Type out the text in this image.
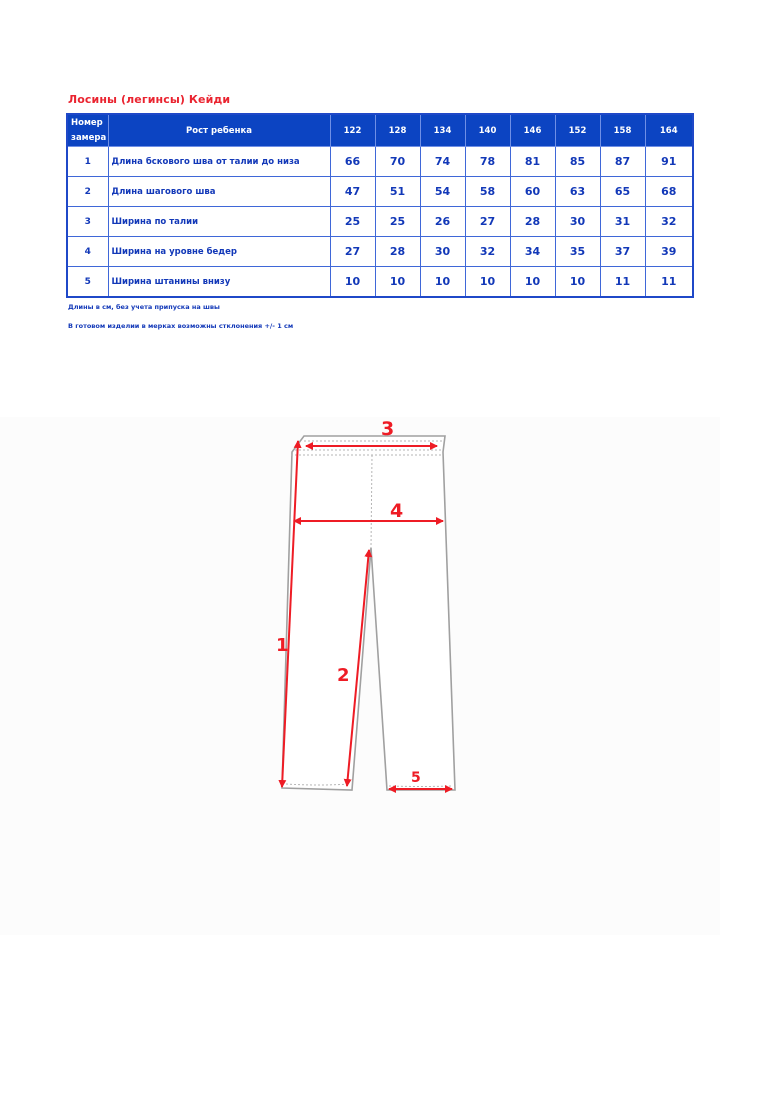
Лосины (легинсы) Кейди
Номер
замера	Рост ребенка	122	128	134	140	146	152	158	164
1	Длина бскового шва от талии до низа	66	70	74	78	81	85	87	91
2	Длина шагового шва	47	51	54	58	60	63	65	68
3	Ширина по талии	25	25	26	27	28	30	31	32
4	Ширина на уровне бедер	27	28	30	32	34	35	37	39
5	Ширина штанины внизу	10	10	10	10	10	10	11	11
Длины в см, без учета припуска на швы
В готовом изделии в мерках возможны стклонения +/- 1 см
3
4
1
2
5
